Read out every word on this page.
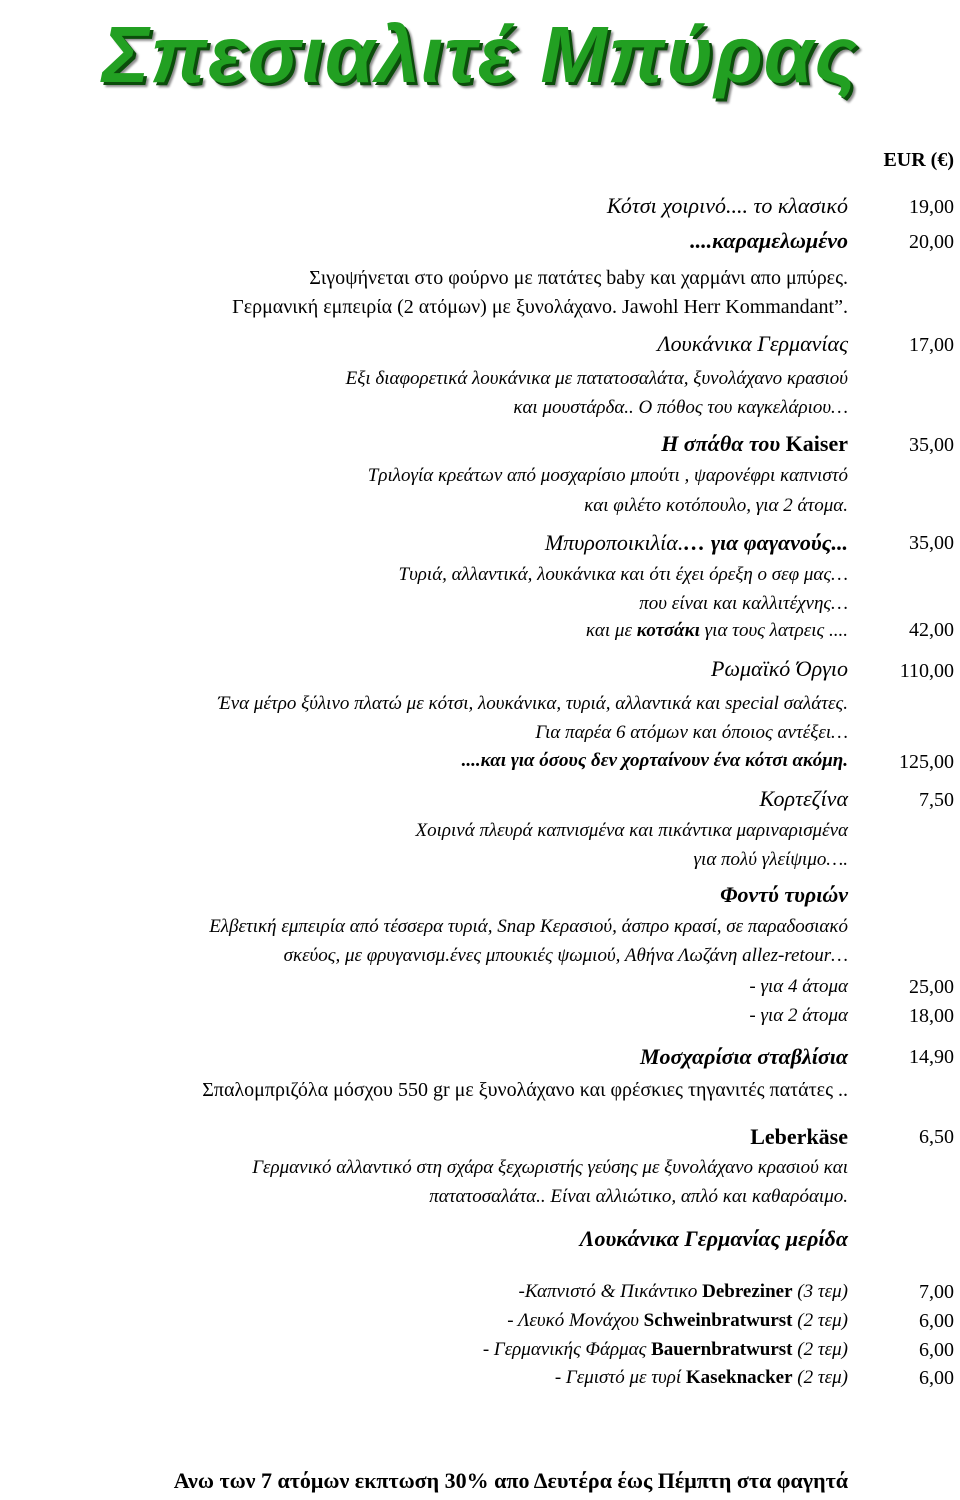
Σπεσιαλιτέ Μπύρας
EUR (€)
Κότσι χοιρινό.... το κλασικό	19,00
....καραμελωμένο	20,00
Σιγοψήνεται στο φούρνο με πατάτες baby και χαρμάνι απο μπύρες.
Γερμανική εμπειρία (2 ατόμων) με ξυνολάχανο. Jawohl Herr Kommandant”.
Λουκάνικα Γερμανίας	17,00
Εξι διαφορετικά λουκάνικα με πατατοσαλάτα, ξυνολάχανο κρασιού
και μουστάρδα.. Ο πόθος του καγκελάριου…
Η σπάθα του Kaiser	35,00
Τριλογία κρεάτων από μοσχαρίσιο μπούτι , ψαρονέφρι καπνιστό
και φιλέτο κοτόπουλο, για 2 άτομα.
Μπυροποικιλία.… για φαγανούς...	35,00
Τυριά, αλλαντικά, λουκάνικα και ότι έχει όρεξη ο σεφ μας…
που είναι και καλλιτέχνης…
και με κοτσάκι για τους λατρεις ....	42,00
Ρωμαϊκό Όργιο	110,00
Ένα μέτρο ξύλινο πλατώ με κότσι, λουκάνικα, τυριά, αλλαντικά και special σαλάτες.
Για παρέα 6 ατόμων και όποιος αντέξει…
....και για όσους δεν χορταίνουν ένα κότσι ακόμη.	125,00
Κορτεζίνα	7,50
Χοιρινά πλευρά καπνισμένα και πικάντικα μαριναρισμένα
για πολύ γλείψιμο….
Φοντύ τυριών
Ελβετική εμπειρία από τέσσερα τυριά, Snap Κερασιού, άσπρο κρασί, σε παραδοσιακό
σκεύος, με φρυγανισμ.ένες μπουκιές ψωμιού, Αθήνα Λωζάνη allez-retour…
- για 4 άτομα	25,00
- για 2 άτομα	18,00
Μοσχαρίσια σταβλίσια	14,90
Σπαλομπριζόλα μόσχου 550 gr με ξυνολάχανο και φρέσκιες τηγανιτές πατάτες ..
Leberkäse	6,50
Γερμανικό αλλαντικό στη σχάρα ξεχωριστής γεύσης με ξυνολάχανο κρασιού και
πατατοσαλάτα.. Είναι αλλιώτικο, απλό και καθαρόαιμο.
Λουκάνικα Γερμανίας μερίδα
-Καπνιστό & Πικάντικο Debreziner (3 τεμ)	7,00
- Λευκό Μονάχου Schweinbratwurst (2 τεμ)	6,00
- Γερμανικής Φάρμας Bauernbratwurst (2 τεμ)	6,00
- Γεμιστό με τυρί Kaseknacker (2 τεμ)	6,00
Ανω των 7 ατόμων εκπτωση 30% απο Δευτέρα έως Πέμπτη στα φαγητά
